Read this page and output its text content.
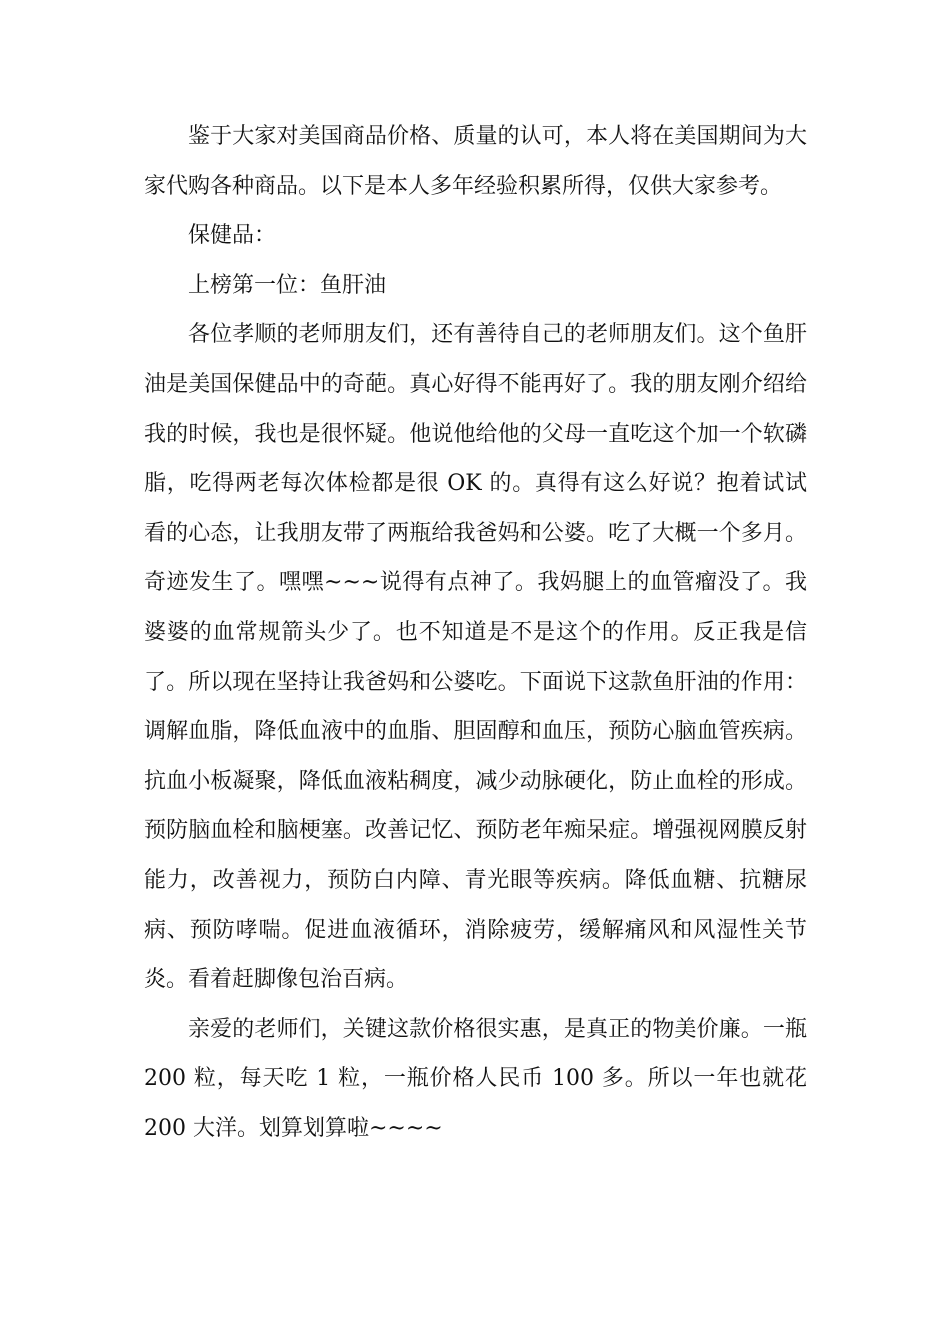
鉴于大家对美国商品价格、质量的认可，本人将在美国期间为大家代购各种商品。以下是本人多年经验积累所得，仅供大家参考。

保健品：

上榜第一位：鱼肝油

各位孝顺的老师朋友们，还有善待自己的老师朋友们。这个鱼肝油是美国保健品中的奇葩。真心好得不能再好了。我的朋友刚介绍给我的时候，我也是很怀疑。他说他给他的父母一直吃这个加一个软磷脂，吃得两老每次体检都是很 OK 的。真得有这么好说？抱着试试看的心态，让我朋友带了两瓶给我爸妈和公婆。吃了大概一个多月。奇迹发生了。嘿嘿~~~说得有点神了。我妈腿上的血管瘤没了。我婆婆的血常规箭头少了。也不知道是不是这个的作用。反正我是信了。所以现在坚持让我爸妈和公婆吃。下面说下这款鱼肝油的作用：调解血脂，降低血液中的血脂、胆固醇和血压，预防心脑血管疾病。抗血小板凝聚，降低血液粘稠度，减少动脉硬化，防止血栓的形成。预防脑血栓和脑梗塞。改善记忆、预防老年痴呆症。增强视网膜反射能力，改善视力，预防白内障、青光眼等疾病。降低血糖、抗糖尿病、预防哮喘。促进血液循环，消除疲劳，缓解痛风和风湿性关节炎。看着赶脚像包治百病。

亲爱的老师们，关键这款价格很实惠，是真正的物美价廉。一瓶 200 粒，每天吃 1 粒，一瓶价格人民币 100 多。所以一年也就花 200 大洋。划算划算啦~~~~
